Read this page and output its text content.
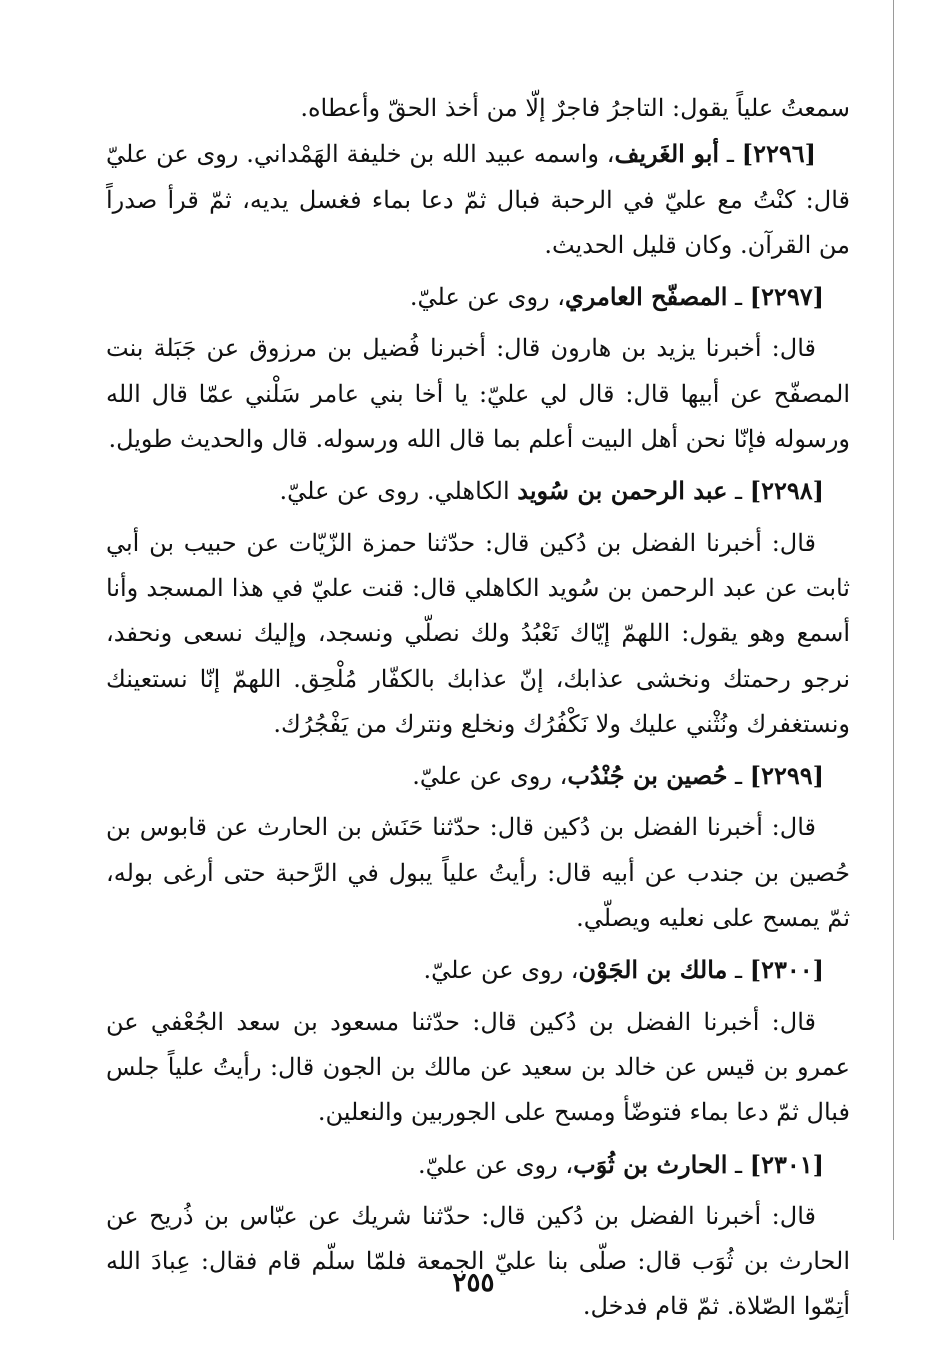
سمعتُ علياً يقول: التاجرُ فاجرٌ إلّا من أخذ الحقّ وأعطاه.

[٢٢٩٦] ـ أبو الغَريف، واسمه عبيد الله بن خليفة الهَمْداني. روى عن عليّ قال: كنْتُ مع عليّ في الرحبة فبال ثمّ دعا بماء فغسل يديه، ثمّ قرأ صدراً من القرآن. وكان قليل الحديث.

[٢٢٩٧] ـ المصفّح العامري، روى عن عليّ.

قال: أخبرنا يزيد بن هارون قال: أخبرنا فُضيل بن مرزوق عن جَبَلة بنت المصفّح عن أبيها قال: قال لي عليّ: يا أخا بني عامر سَلْني عمّا قال الله ورسوله فإنّا نحن أهل البيت أعلم بما قال الله ورسوله. قال والحديث طويل.

[٢٢٩٨] ـ عبد الرحمن بن سُويد الكاهلي. روى عن عليّ.

قال: أخبرنا الفضل بن دُكين قال: حدّثنا حمزة الزّيّات عن حبيب بن أبي ثابت عن عبد الرحمن بن سُويد الكاهلي قال: قنت عليّ في هذا المسجد وأنا أسمع وهو يقول: اللهمّ إيّاك نَعْبُدُ ولك نصلّي ونسجد، وإليك نسعى ونحفد، نرجو رحمتك ونخشى عذابك، إنّ عذابك بالكفّار مُلْحِق. اللهمّ إنّا نستعينك ونستغفرك ونُثْني عليك ولا نَكْفُرُك ونخلع ونترك من يَفْجُرُك.

[٢٢٩٩] ـ حُصين بن جُنْدُب، روى عن عليّ.

قال: أخبرنا الفضل بن دُكين قال: حدّثنا حَنَش بن الحارث عن قابوس بن حُصين بن جندب عن أبيه قال: رأيتُ علياً يبول في الرَّحبة حتى أرغى بوله، ثمّ يمسح على نعليه ويصلّي.

[٢٣٠٠] ـ مالك بن الجَوْن، روى عن عليّ.

قال: أخبرنا الفضل بن دُكين قال: حدّثنا مسعود بن سعد الجُعْفي عن عمرو بن قيس عن خالد بن سعيد عن مالك بن الجون قال: رأيتُ علياً جلس فبال ثمّ دعا بماء فتوضّأ ومسح على الجوربين والنعلين.

[٢٣٠١] ـ الحارث بن ثُوَب، روى عن عليّ.

قال: أخبرنا الفضل بن دُكين قال: حدّثنا شريك عن عبّاس بن ذُريح عن الحارث بن ثُوَب قال: صلّى بنا عليّ الجمعة فلمّا سلّم قام فقال: عِبادَ الله أتِمّوا الصّلاة. ثمّ قام فدخل.

٢٥٥
